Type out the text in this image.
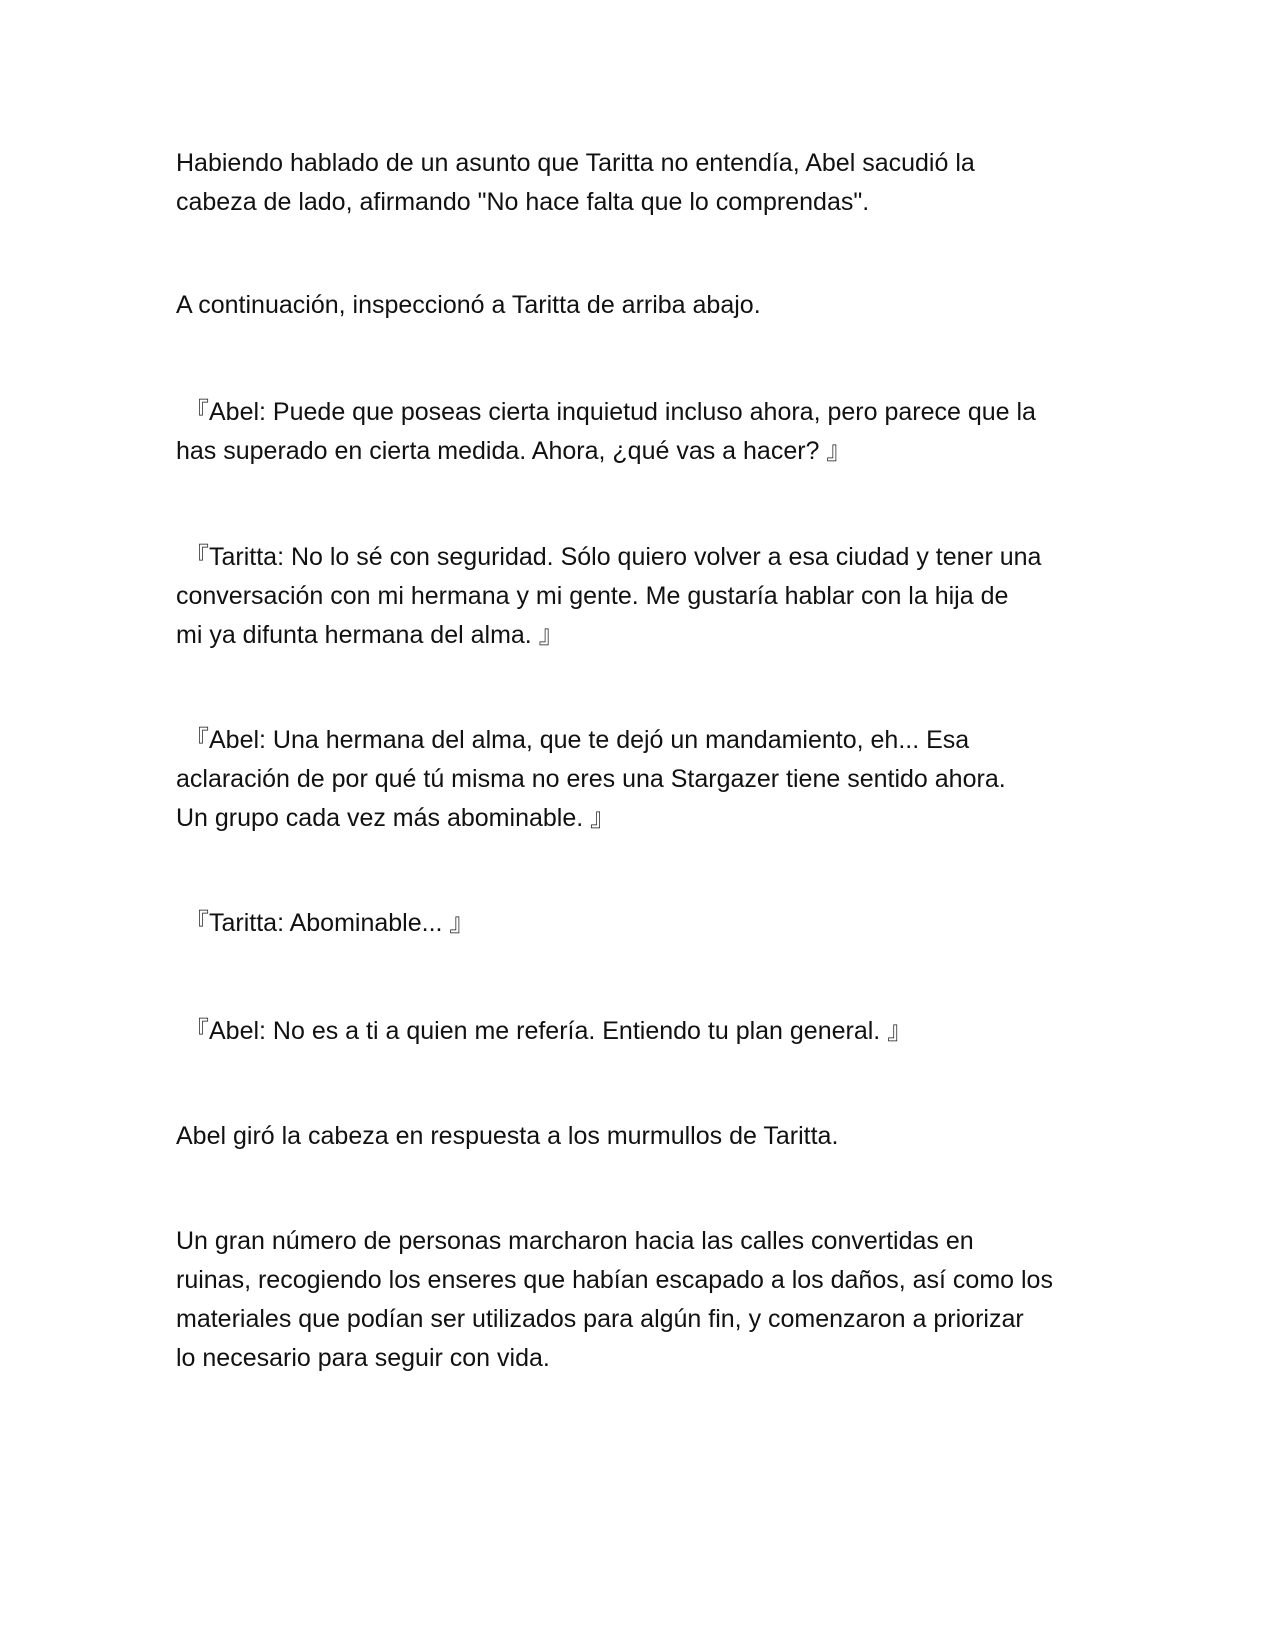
Habiendo hablado de un asunto que Taritta no entendía, Abel sacudió la
cabeza de lado, afirmando "No hace falta que lo comprendas".

A continuación, inspeccionó a Taritta de arriba abajo.

『Abel: Puede que poseas cierta inquietud incluso ahora, pero parece que la
has superado en cierta medida. Ahora, ¿qué vas a hacer? 』

『Taritta: No lo sé con seguridad. Sólo quiero volver a esa ciudad y tener una
conversación con mi hermana y mi gente. Me gustaría hablar con la hija de
mi ya difunta hermana del alma. 』

『Abel: Una hermana del alma, que te dejó un mandamiento, eh... Esa
aclaración de por qué tú misma no eres una Stargazer tiene sentido ahora.
Un grupo cada vez más abominable. 』

『Taritta: Abominable... 』

『Abel: No es a ti a quien me refería. Entiendo tu plan general. 』

Abel giró la cabeza en respuesta a los murmullos de Taritta.

Un gran número de personas marcharon hacia las calles convertidas en
ruinas, recogiendo los enseres que habían escapado a los daños, así como los
materiales que podían ser utilizados para algún fin, y comenzaron a priorizar
lo necesario para seguir con vida.
